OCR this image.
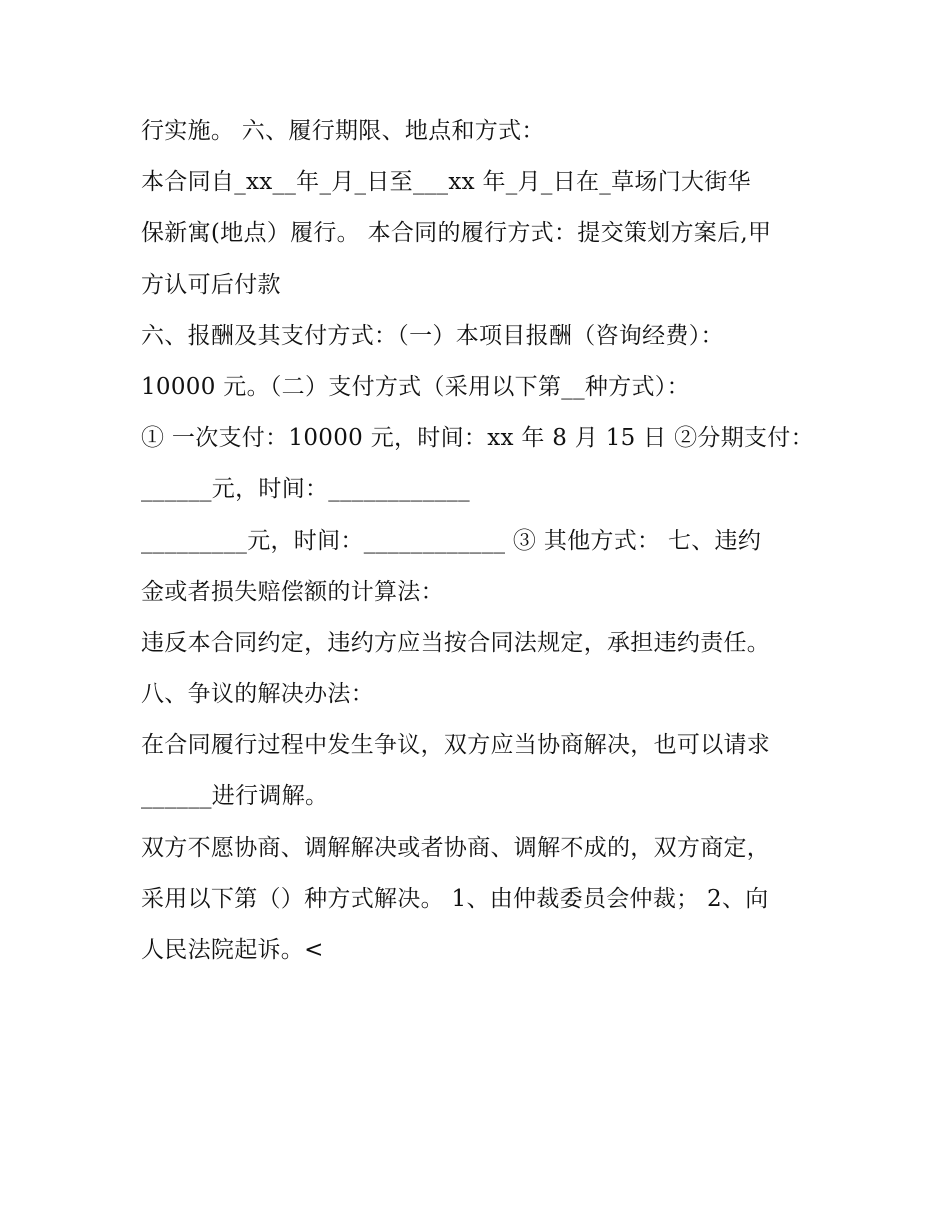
行实施。 六、履行期限、地点和方式：
本合同自_xx__年_月_日至___xx 年_月_日在_草场门大街华
保新寓(地点）履行。 本合同的履行方式：提交策划方案后,甲
方认可后付款
六、报酬及其支付方式：（一）本项目报酬（咨询经费）：
10000 元。（二）支付方式（采用以下第__种方式）：
① 一次支付：10000 元，时间：xx 年 8 月 15 日 ②分期支付：
______元，时间：____________
_________元，时间：____________ ③ 其他方式： 七、违约
金或者损失赔偿额的计算法：
违反本合同约定，违约方应当按合同法规定，承担违约责任。
八、争议的解决办法：
在合同履行过程中发生争议，双方应当协商解决，也可以请求
______进行调解。
双方不愿协商、调解解决或者协商、调解不成的，双方商定，
采用以下第（）种方式解决。 1、由仲裁委员会仲裁； 2、向
人民法院起诉。<
